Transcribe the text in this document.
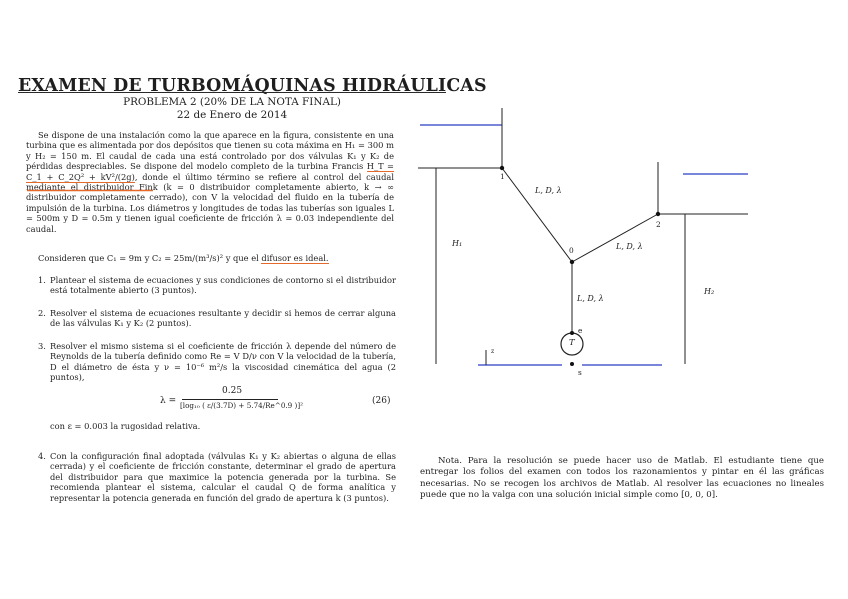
EXAMEN DE TURBOMÁQUINAS HIDRÁULICAS
PROBLEMA 2 (20% DE LA NOTA FINAL)
22 de Enero de 2014

Se dispone de una instalación como la que aparece en la figura, consistente en una turbina que es alimentada por dos depósitos que tienen su cota máxima en H₁ = 300 m y H₂ = 150 m. El caudal de cada una está controlado por dos válvulas K₁ y K₂ de pérdidas despreciables. Se dispone del modelo completo de la turbina Francis H_T = C_1 + C_2Q² + kV²/(2g), donde el último término se refiere al control del caudal mediante el distribuidor Fink (k = 0 distribuidor completamente abierto, k → ∞ distribuidor completamente cerrado), con V la velocidad del fluido en la tubería de impulsión de la turbina. Los diámetros y longitudes de todas las tuberías son iguales L = 500m y D = 0.5m y tienen igual coeficiente de fricción λ = 0.03 independiente del caudal.

Consideren que C₁ = 9m y C₂ = 25m/(m³/s)² y que el difusor es ideal.

1. Plantear el sistema de ecuaciones y sus condiciones de contorno si el distribuidor está totalmente abierto (3 puntos).
2. Resolver el sistema de ecuaciones resultante y decidir si hemos de cerrar alguna de las válvulas K₁ y K₂ (2 puntos).
3. Resolver el mismo sistema si el coeficiente de fricción λ depende del número de Reynolds de la tubería definido como Re = V D/ν con V la velocidad de la tubería, D el diámetro de ésta y ν = 10⁻⁶ m²/s la viscosidad cinemática del agua (2 puntos),
λ =
0.25
[log₁₀ ( ε/(3.7D) + 5.74/Re^0.9 )]²	(26)
con ε = 0.003 la rugosidad relativa.
4. Con la configuración final adoptada (válvulas K₁ y K₂ abiertas o alguna de ellas cerrada) y el coeficiente de fricción constante, determinar el grado de apertura del distribuidor para que maximice la potencia generada por la turbina. Se recomienda plantear el sistema, calcular el caudal Q de forma analítica y representar la potencia generada en función del grado de apertura k (3 puntos).

Nota. Para la resolución se puede hacer uso de Matlab. El estudiante tiene que entregar los folios del examen con todos los razonamientos y pintar en él las gráficas necesarias. No se recogen los archivos de Matlab. Al resolver las ecuaciones no lineales puede que no la valga con una solución inicial simple como [0, 0, 0].

1
2
0
e
s
L, D, λ
L, D, λ
L, D, λ
H₁
H₂
T
z
